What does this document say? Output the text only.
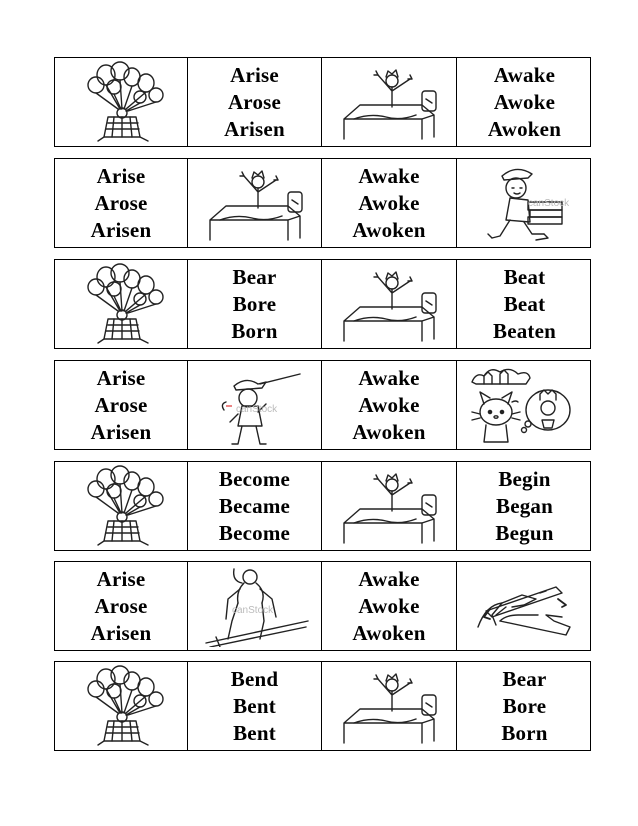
Arise
Arose
Arisen
Awake
Awoke
Awoken
Arise
Arose
Arisen
Awake
Awoke
Awoken
canStock
Bear
Bore
Born
Beat
Beat
Beaten
Arise
Arose
Arisen
canStock
Awake
Awoke
Awoken
Become
Became
Become
Begin
Began
Begun
Arise
Arose
Arisen
canStock
Awake
Awoke
Awoken
Bend
Bent
Bent
Bear
Bore
Born
